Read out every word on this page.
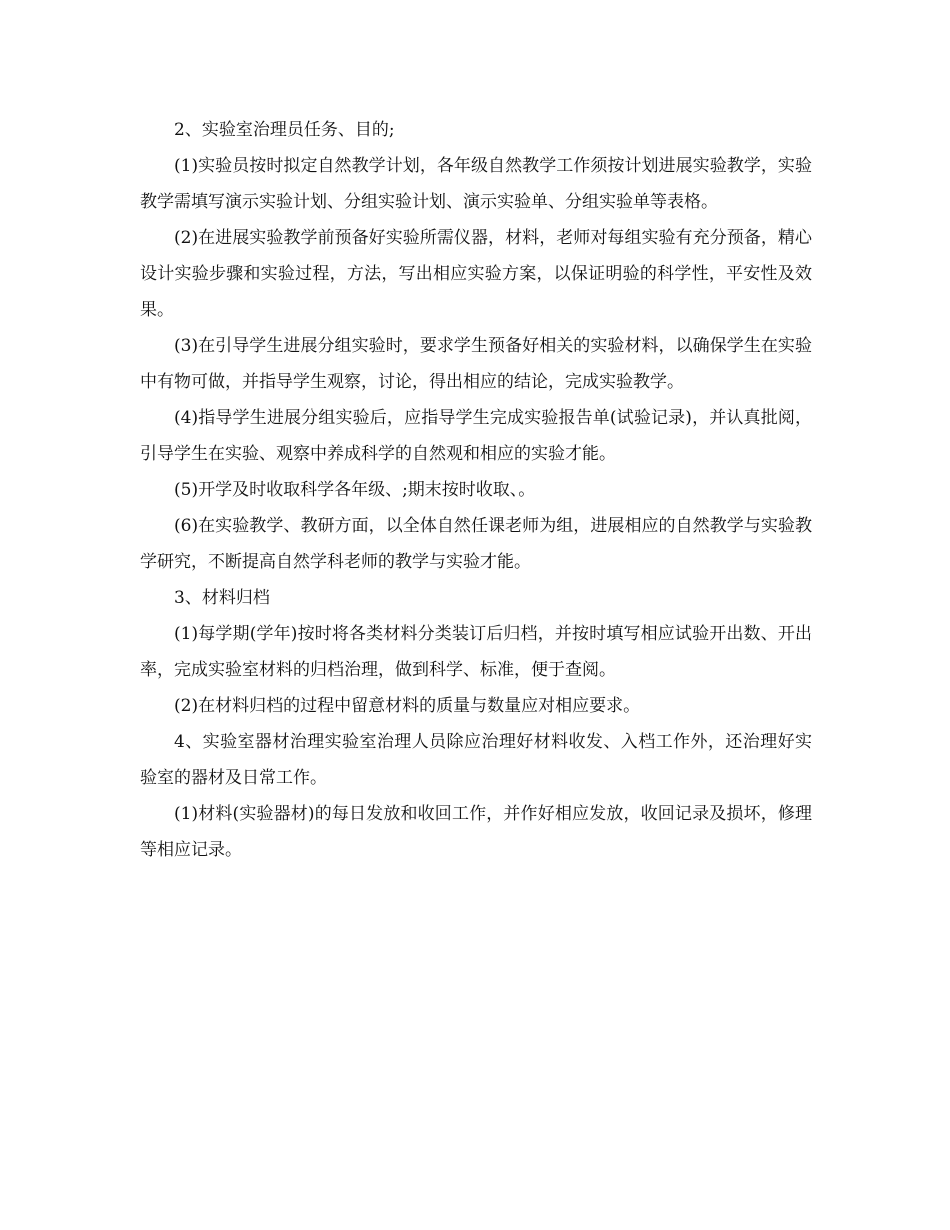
2、实验室治理员任务、目的;

(1)实验员按时拟定自然教学计划，各年级自然教学工作须按计划进展实验教学，实验教学需填写演示实验计划、分组实验计划、演示实验单、分组实验单等表格。

(2)在进展实验教学前预备好实验所需仪器，材料，老师对每组实验有充分预备，精心设计实验步骤和实验过程，方法，写出相应实验方案，以保证明验的科学性，平安性及效果。

(3)在引导学生进展分组实验时，要求学生预备好相关的实验材料，以确保学生在实验中有物可做，并指导学生观察，讨论，得出相应的结论，完成实验教学。

(4)指导学生进展分组实验后，应指导学生完成实验报告单(试验记录)，并认真批阅，引导学生在实验、观察中养成科学的自然观和相应的实验才能。

(5)开学及时收取科学各年级、;期末按时收取、。

(6)在实验教学、教研方面，以全体自然任课老师为组，进展相应的自然教学与实验教学研究，不断提高自然学科老师的教学与实验才能。

3、材料归档

(1)每学期(学年)按时将各类材料分类装订后归档，并按时填写相应试验开出数、开出率，完成实验室材料的归档治理，做到科学、标准，便于查阅。

(2)在材料归档的过程中留意材料的质量与数量应对相应要求。

4、实验室器材治理实验室治理人员除应治理好材料收发、入档工作外，还治理好实验室的器材及日常工作。

(1)材料(实验器材)的每日发放和收回工作，并作好相应发放，收回记录及损坏，修理等相应记录。
